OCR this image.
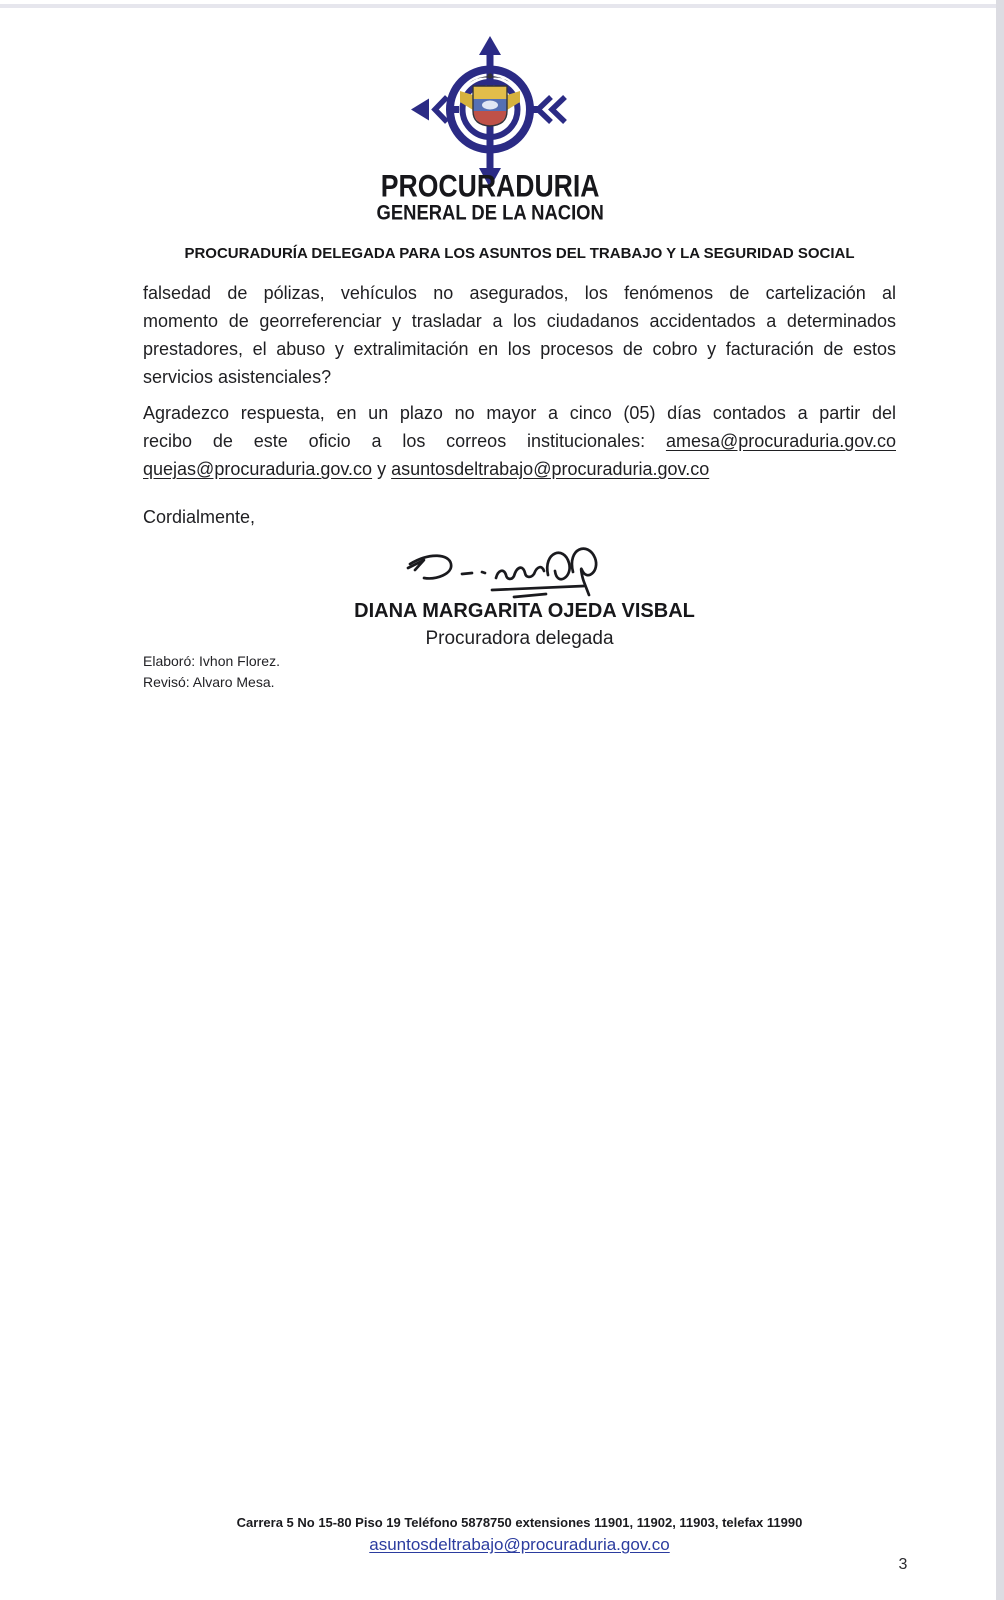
PROCURADURIA
GENERAL DE LA NACION
PROCURADURÍA DELEGADA PARA LOS ASUNTOS DEL TRABAJO Y LA SEGURIDAD SOCIAL
falsedad de pólizas, vehículos no asegurados, los fenómenos de cartelización al
momento de georreferenciar y trasladar a los ciudadanos accidentados a determinados
prestadores, el abuso y extralimitación en los procesos de cobro y facturación de estos
servicios asistenciales?
Agradezco respuesta, en un plazo no mayor a cinco (05) días contados a partir del
recibo de este oficio a los correos institucionales: amesa@procuraduria.gov.co
quejas@procuraduria.gov.co y asuntosdeltrabajo@procuraduria.gov.co
Cordialmente,
DIANA MARGARITA OJEDA VISBAL
Procuradora delegada
Elaboró: Ivhon Florez.
Revisó: Alvaro Mesa.
Carrera 5 No 15-80 Piso 19 Teléfono 5878750 extensiones 11901, 11902, 11903, telefax 11990
asuntosdeltrabajo@procuraduria.gov.co
3
